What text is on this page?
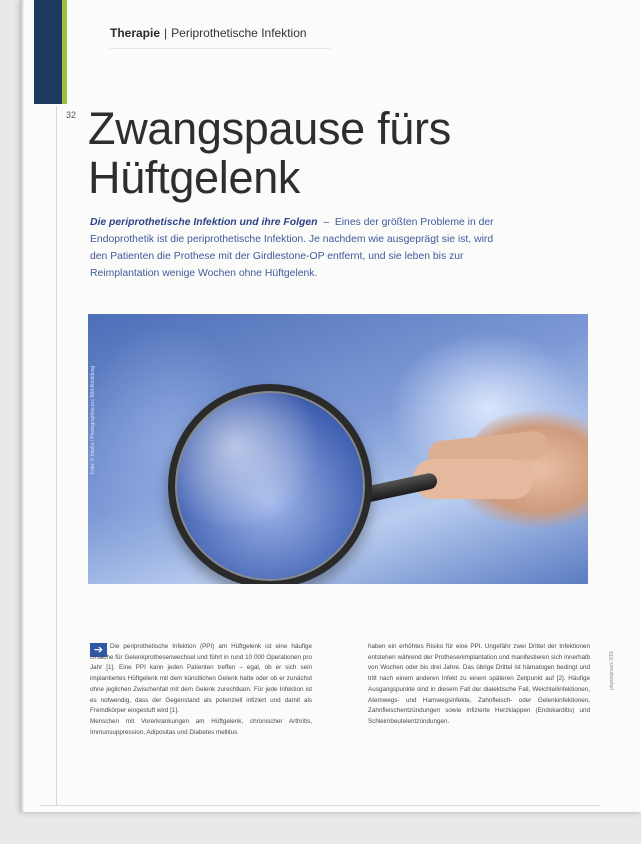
32
Therapie | Periprothetische Infektion
Zwangspause fürs
Hüftgelenk

Die periprothetische Infektion und ihre Folgen  –  Eines der größten Probleme in der Endoprothetik ist die periprothetische Infektion. Je nachdem wie ausgeprägt sie ist, wird den Patienten die Prothese mit der Girdlestone-OP entfernt, und sie leben bis zur Reimplantation wenige Wochen ohne Hüftgelenk.

Foto: © fotolia / Photographee.eu; Bild Abbildung
➔	Die periprothetische Infektion (PPI) am Hüftgelenk ist eine häufige Ursache für Gelenkprothesenwechsel und führt in rund 10 000 Operationen pro Jahr [1]. Eine PPI kann jeden Patienten treffen – egal, ob er sich sein implantiertes Hüftgelenk mit dem künstlichen Gelenk hatte oder ob er zunächst ohne jeglichen Zwischenfall mit dem Gelenk zurechtkam. Für jede Infektion ist es notwendig, dass der Gegenstand als potenziell infiziert und damit als Fremdkörper eingestuft wird [1].
Menschen mit Vorerkrankungen am Hüftgelenk, chronischer Arthritis, Immunsuppression, Adipositas und Diabetes mellitus

haben ein erhöhtes Risiko für eine PPI. Ungefähr zwei Drittel der Infektionen entstehen während der Prothesenimplantation und manifestieren sich innerhalb von Wochen oder bis drei Jahre. Das übrige Drittel ist hämatogen bedingt und tritt nach einem anderen Infekt zu einem späteren Zeitpunkt auf [2]. Häufige Ausgangspunkte sind in diesem Fall der dialektische Fall, Weichteilinfektionen, Atemwegs- und Harnwegsinfekte, Zahnfleisch- oder Gelenkinfektionen, Zahnfleischentzündungen sowie infizierte Herzklappen (Endokarditis) und Schleimbeutelentzündungen.

physiopraxis 3/15
